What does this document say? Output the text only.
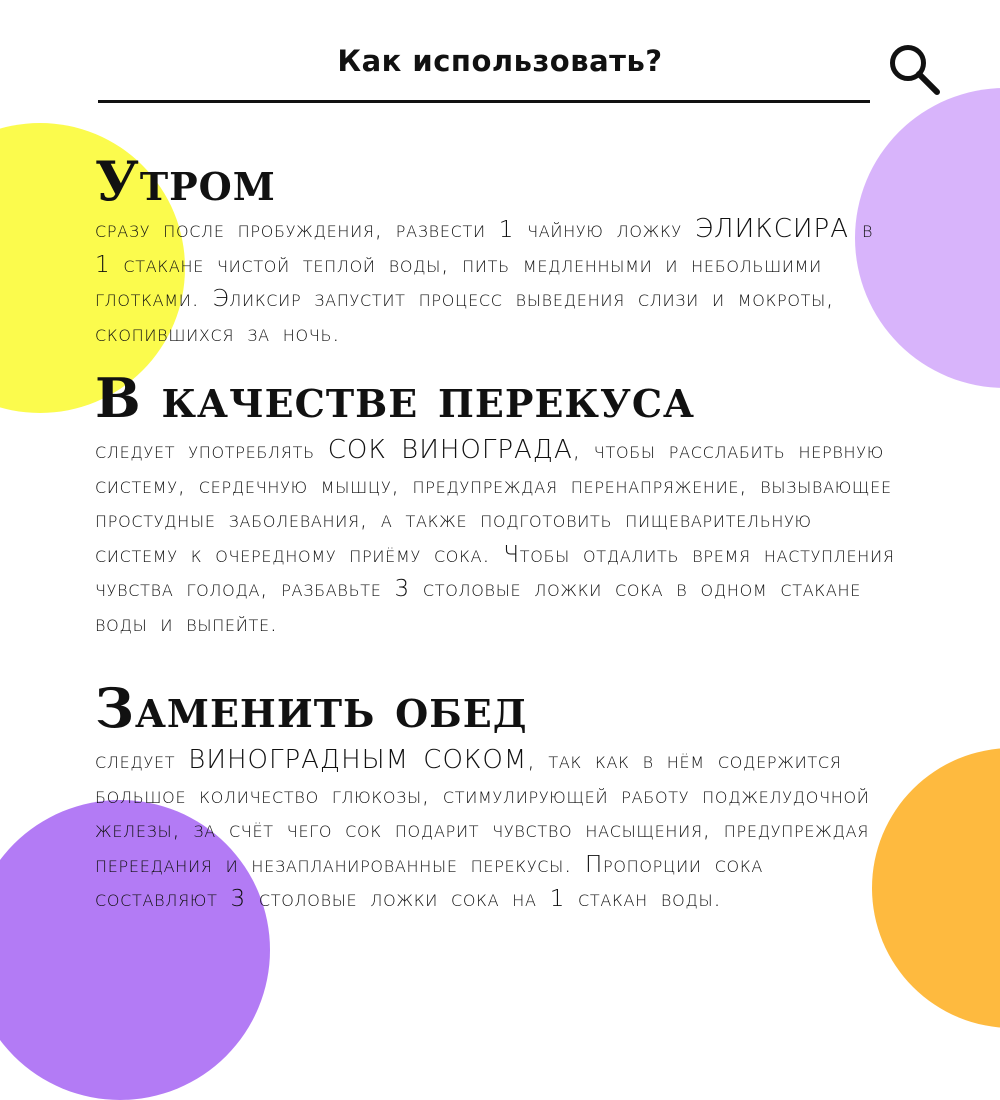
Как использовать?
Утром

сразу после пробуждения, развести 1 чайную ложку ЭЛИКСИРА в 1 стакане чистой теплой воды, пить медленными и небольшими глотками. Эликсир запустит процесс выведения слизи и мокроты, скопившихся за ночь.

В качестве перекуса

следует употреблять СОК ВИНОГРАДА, чтобы расслабить нервную систему, сердечную мышцу, предупреждая перенапряжение, вызывающее простудные заболевания, а также подготовить пищеварительную систему к очередному приёму сока. Чтобы отдалить время наступления чувства голода, разбавьте 3 столовые ложки сока в одном стакане воды и выпейте.

Заменить обед

следует ВИНОГРАДНЫМ СОКОМ, так как в нём содержится большое количество глюкозы, стимулирующей работу поджелудочной железы, за счёт чего сок подарит чувство насыщения, предупреждая переедания и незапланированные перекусы. Пропорции сока составляют 3 столовые ложки сока на 1 стакан воды.
